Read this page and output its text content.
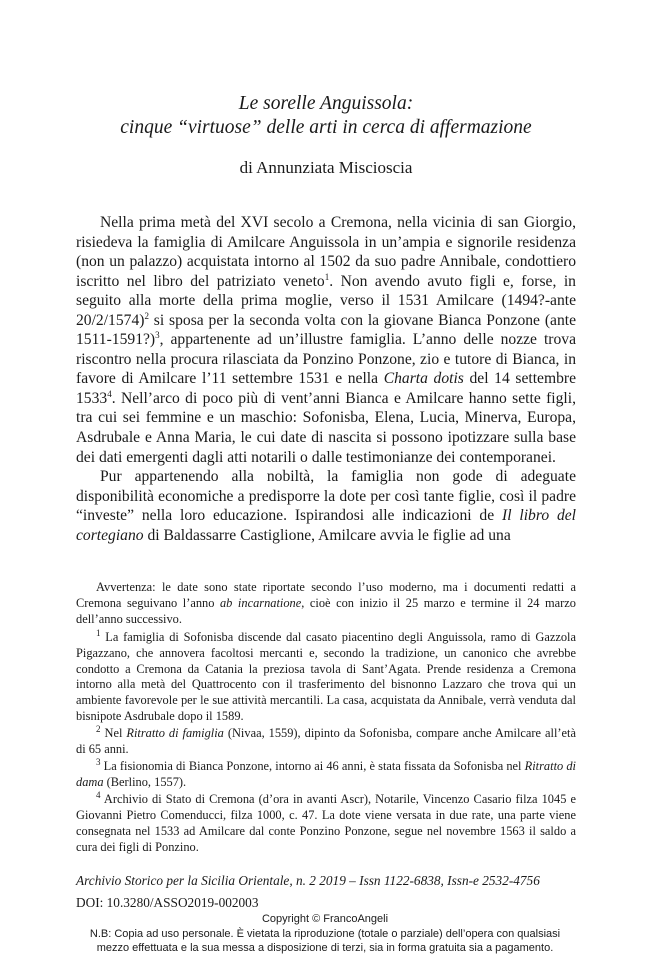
Le sorelle Anguissola:
cinque “virtuose” delle arti in cerca di affermazione
di Annunziata Miscioscia

Nella prima metà del XVI secolo a Cremona, nella vicinia di san Giorgio, risiedeva la famiglia di Amilcare Anguissola in un’ampia e signorile residenza (non un palazzo) acquistata intorno al 1502 da suo padre Annibale, condottiero iscritto nel libro del patriziato veneto$^1$. Non avendo avuto figli e, forse, in seguito alla morte della prima moglie, verso il 1531 Amilcare (1494?-ante 20/2/1574)$^2$ si sposa per la seconda volta con la giovane Bianca Ponzone (ante 1511-1591?)$^3$, appartenente ad un’illustre famiglia. L’anno delle nozze trova riscontro nella procura rilasciata da Ponzino Ponzone, zio e tutore di Bianca, in favore di Amilcare l’11 settembre 1531 e nella Charta dotis del 14 settembre 1533$^4$. Nell’arco di poco più di vent’anni Bianca e Amilcare hanno sette figli, tra cui sei femmine e un maschio: Sofonisba, Elena, Lucia, Minerva, Europa, Asdrubale e Anna Maria, le cui date di nascita si possono ipotizzare sulla base dei dati emergenti dagli atti notarili o dalle testimonianze dei contemporanei.

Pur appartenendo alla nobiltà, la famiglia non gode di adeguate disponibilità economiche a predisporre la dote per così tante figlie, così il padre “investe” nella loro educazione. Ispirandosi alle indicazioni de Il libro del cortegiano di Baldassarre Castiglione, Amilcare avvia le figlie ad una

Avvertenza: le date sono state riportate secondo l’uso moderno, ma i documenti redatti a Cremona seguivano l’anno ab incarnatione, cioè con inizio il 25 marzo e termine il 24 marzo dell’anno successivo.

$^1$ La famiglia di Sofonisba discende dal casato piacentino degli Anguissola, ramo di Gazzola Pigazzano, che annovera facoltosi mercanti e, secondo la tradizione, un canonico che avrebbe condotto a Cremona da Catania la preziosa tavola di Sant’Agata. Prende residenza a Cremona intorno alla metà del Quattrocento con il trasferimento del bisnonno Lazzaro che trova qui un ambiente favorevole per le sue attività mercantili. La casa, acquistata da Annibale, verrà venduta dal bisnipote Asdrubale dopo il 1589.

$^2$ Nel Ritratto di famiglia (Nivaa, 1559), dipinto da Sofonisba, compare anche Amilcare all’età di 65 anni.

$^3$ La fisionomia di Bianca Ponzone, intorno ai 46 anni, è stata fissata da Sofonisba nel Ritratto di dama (Berlino, 1557).

$^4$ Archivio di Stato di Cremona (d’ora in avanti Ascr), Notarile, Vincenzo Casario filza 1045 e Giovanni Pietro Comenducci, filza 1000, c. 47. La dote viene versata in due rate, una parte viene consegnata nel 1533 ad Amilcare dal conte Ponzino Ponzone, segue nel novembre 1563 il saldo a cura dei figli di Ponzino.

Archivio Storico per la Sicilia Orientale, n. 2 2019 – Issn 1122-6838, Issn-e 2532-4756
DOI: 10.3280/ASSO2019-002003
Copyright © FrancoAngeli
N.B: Copia ad uso personale. È vietata la riproduzione (totale o parziale) dell’opera con qualsiasi
mezzo effettuata e la sua messa a disposizione di terzi, sia in forma gratuita sia a pagamento.
